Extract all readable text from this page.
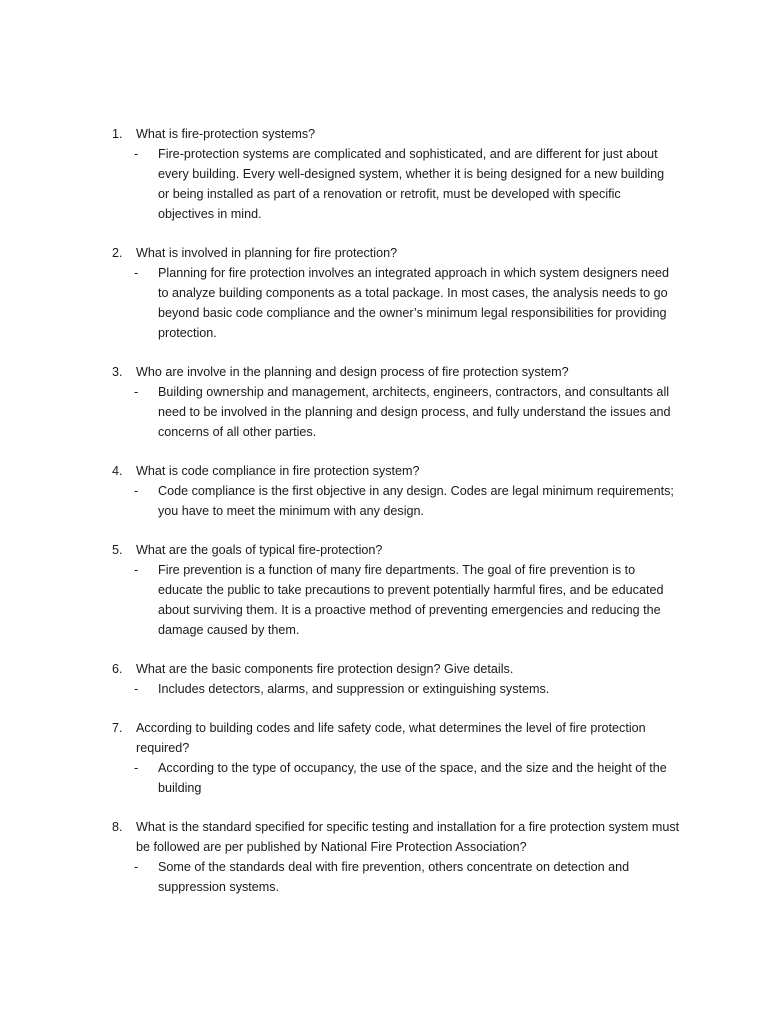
1.	What is fire-protection systems?
-	Fire-protection systems are complicated and sophisticated, and are different for just about every building. Every well-designed system, whether it is being designed for a new building or being installed as part of a renovation or retrofit, must be developed with specific objectives in mind.
2.	What is involved in planning for fire protection?
-	Planning for fire protection involves an integrated approach in which system designers need to analyze building components as a total package. In most cases, the analysis needs to go beyond basic code compliance and the owner’s minimum legal responsibilities for providing protection.
3.	Who are involve in the planning and design process of fire protection system?
-	Building ownership and management, architects, engineers, contractors, and consultants all need to be involved in the planning and design process, and fully understand the issues and concerns of all other parties.
4.	What is code compliance in fire protection system?
-	Code compliance is the first objective in any design. Codes are legal minimum requirements; you have to meet the minimum with any design.
5.	What are the goals of typical fire-protection?
-	Fire prevention is a function of many fire departments. The goal of fire prevention is to educate the public to take precautions to prevent potentially harmful fires, and be educated about surviving them. It is a proactive method of preventing emergencies and reducing the damage caused by them.
6.	What are the basic components fire protection design? Give details.
-	Includes detectors, alarms, and suppression or extinguishing systems.
7.	According to building codes and life safety code, what determines the level of fire protection required?
-	According to the type of occupancy, the use of the space, and the size and the height of the building
8.	What is the standard specified for specific testing and installation for a fire protection system must be followed are per published by National Fire Protection Association?
-	Some of the standards deal with fire prevention, others concentrate on detection and suppression systems.
